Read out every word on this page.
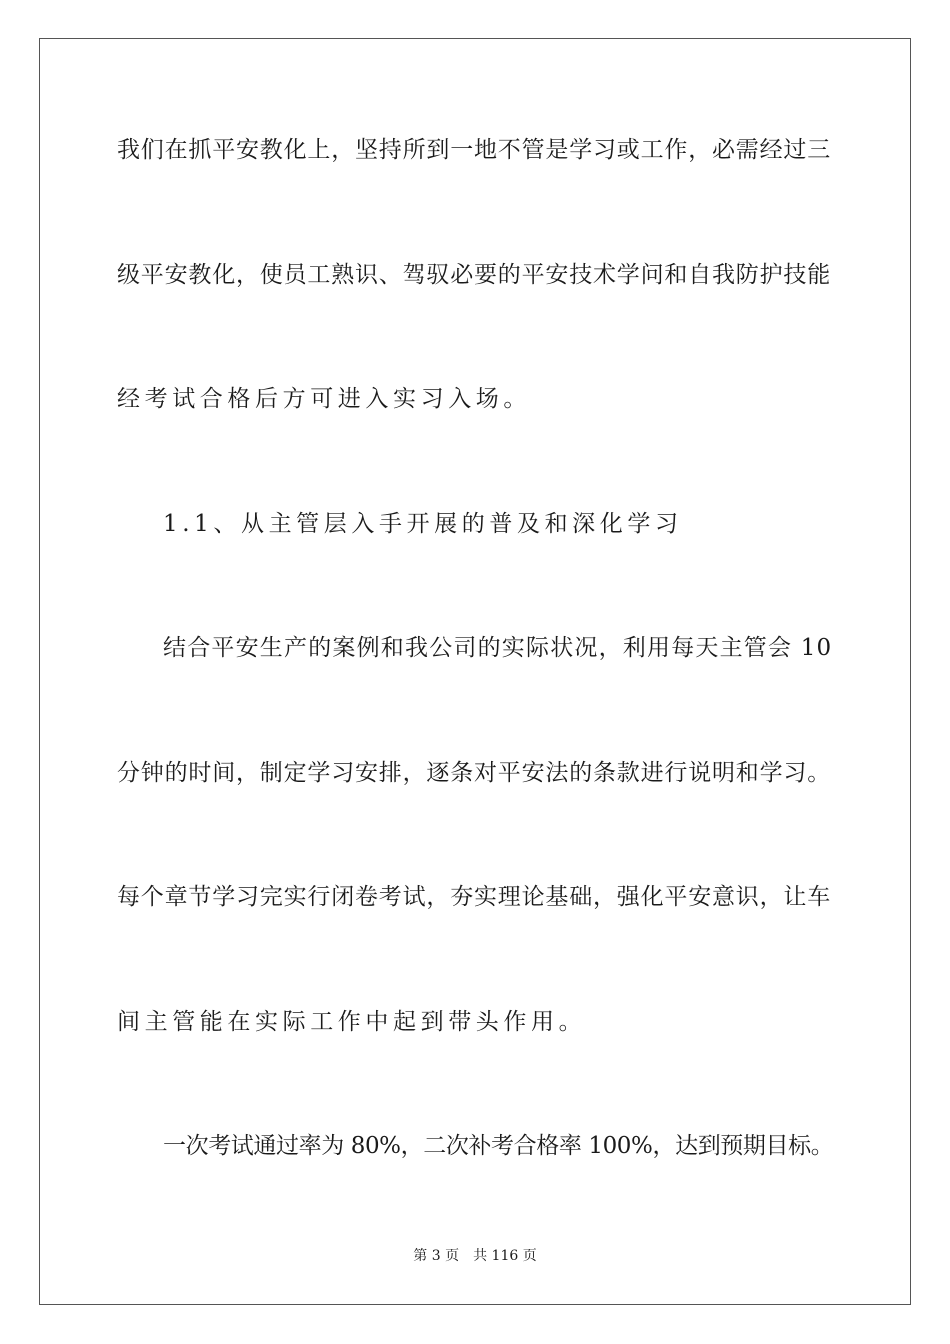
我们在抓平安教化上，坚持所到一地不管是学习或工作，必需经过三
级平安教化，使员工熟识、驾驭必要的平安技术学问和自我防护技能
经考试合格后方可进入实习入场。
1.1、从主管层入手开展的普及和深化学习
结合平安生产的案例和我公司的实际状况，利用每天主管会 10
分钟的时间，制定学习安排，逐条对平安法的条款进行说明和学习。
每个章节学习完实行闭卷考试，夯实理论基础，强化平安意识，让车
间主管能在实际工作中起到带头作用。
一次考试通过率为 80%，二次补考合格率 100%，达到预期目标。
第 3 页 共 116 页
